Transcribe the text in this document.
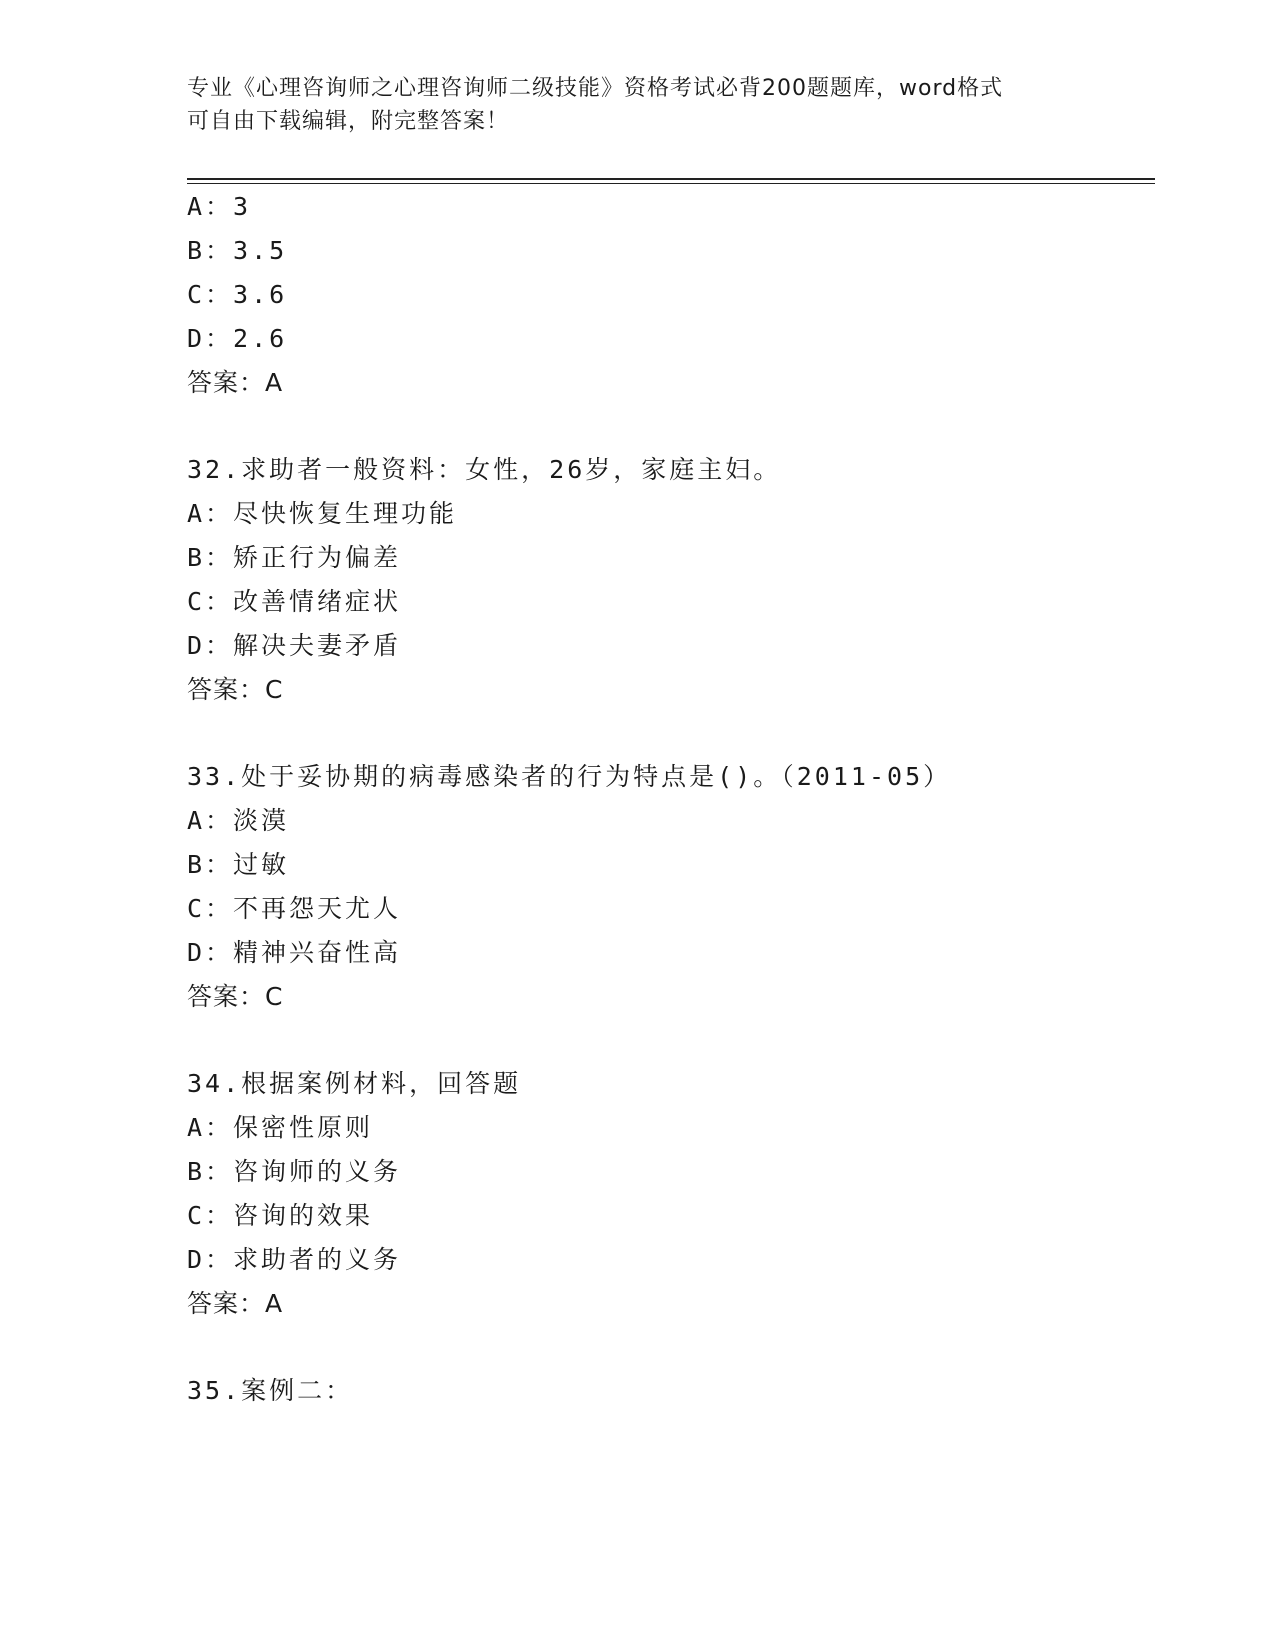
专业《心理咨询师之心理咨询师二级技能》资格考试必背200题题库，word格式
可自由下载编辑，附完整答案！
A：3
B：3.5
C：3.6
D：2.6
答案：A
32.求助者一般资料：女性，26岁，家庭主妇。
A：尽快恢复生理功能
B：矫正行为偏差
C：改善情绪症状
D：解决夫妻矛盾
答案：C
33.处于妥协期的病毒感染者的行为特点是()。（2011-05）
A：淡漠
B：过敏
C：不再怨天尤人
D：精神兴奋性高
答案：C
34.根据案例材料，回答题
A：保密性原则
B：咨询师的义务
C：咨询的效果
D：求助者的义务
答案：A
35.案例二：
